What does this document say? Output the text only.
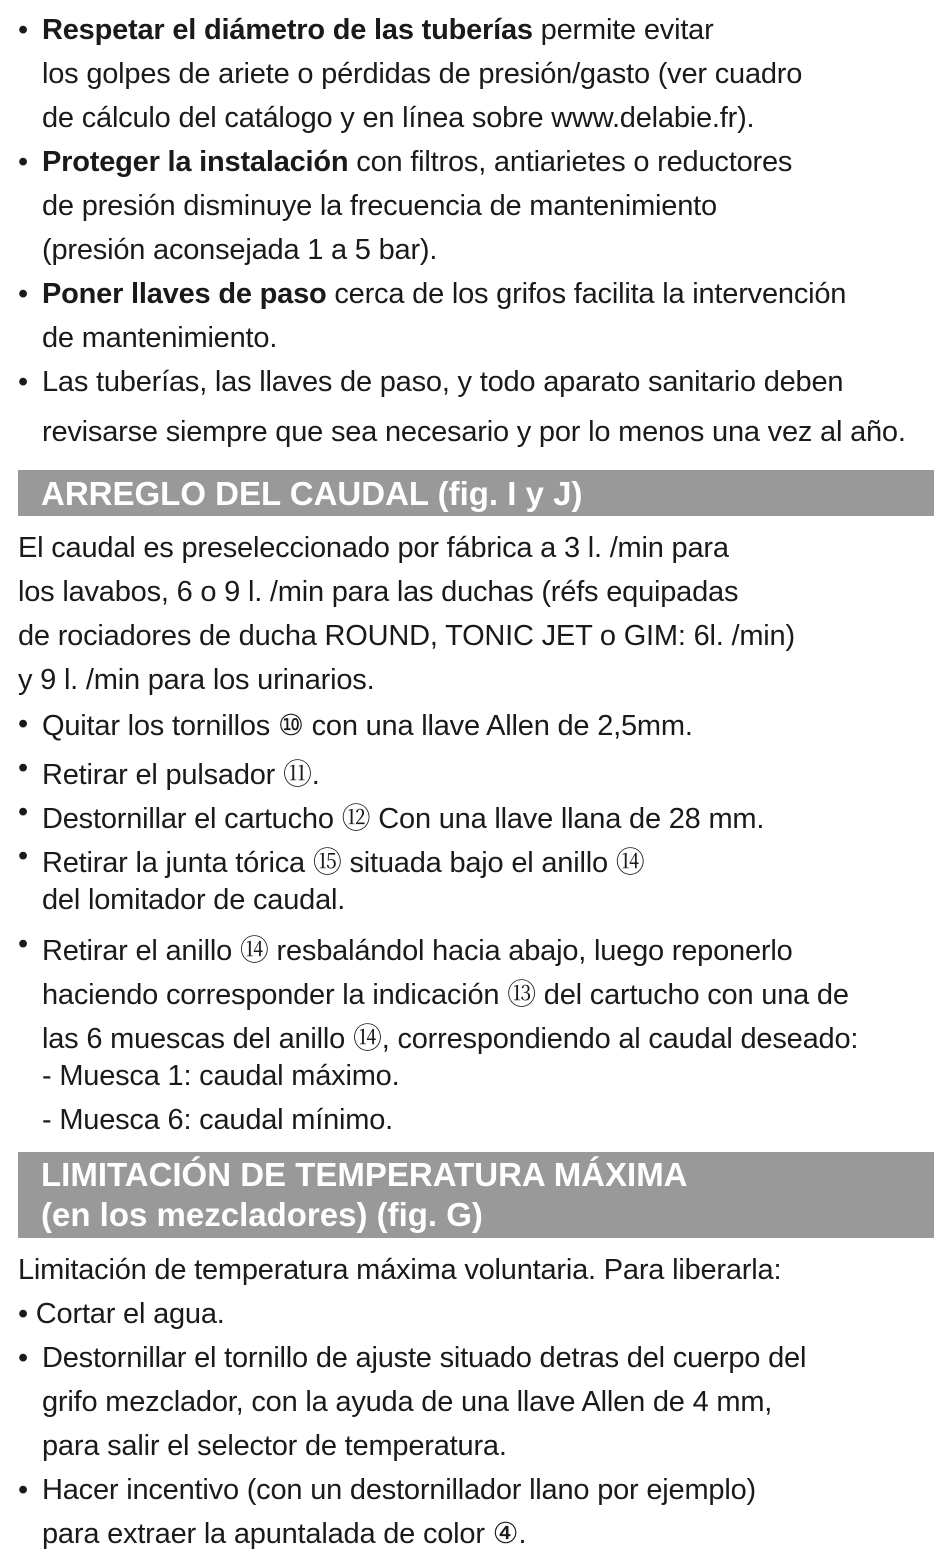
• Respetar el diámetro de las tuberías permite evitar
los golpes de ariete o pérdidas de presión/gasto (ver cuadro
de cálculo del catálogo y en línea sobre www.delabie.fr).
• Proteger la instalación con filtros, antiarietes o reductores
de presión disminuye la frecuencia de mantenimiento
(presión aconsejada 1 a 5 bar).
• Poner llaves de paso cerca de los grifos facilita la intervención
de mantenimiento.
• Las tuberías, las llaves de paso, y todo aparato sanitario deben
revisarse siempre que sea necesario y por lo menos una vez al año.
ARREGLO DEL CAUDAL (fig. I y J)
El caudal es preseleccionado por fábrica a 3 l. /min para
los lavabos, 6 o 9 l. /min para las duchas (réfs equipadas
de rociadores de ducha ROUND, TONIC JET o GIM: 6l. /min)
y 9 l. /min para los urinarios.
• Quitar los tornillos ⑩ con una llave Allen de 2,5mm.
• Retirar el pulsador ⑪.
• Destornillar el cartucho ⑫ Con una llave llana de 28 mm.
• Retirar la junta tórica ⑮ situada bajo el anillo ⑭
del lomitador de caudal.
• Retirar el anillo ⑭ resbalándol hacia abajo, luego reponerlo
haciendo corresponder la indicación ⑬ del cartucho con una de
las 6 muescas del anillo ⑭, correspondiendo al caudal deseado:
- Muesca 1: caudal máximo.
- Muesca 6: caudal mínimo.
LIMITACIÓN DE TEMPERATURA MÁXIMA
(en los mezcladores) (fig. G)
Limitación de temperatura máxima voluntaria. Para liberarla:
• Cortar el agua.
• Destornillar el tornillo de ajuste situado detras del cuerpo del
grifo mezclador, con la ayuda de una llave Allen de 4 mm,
para salir el selector de temperatura.
• Hacer incentivo (con un destornillador llano por ejemplo)
para extraer la apuntalada de color ④.
